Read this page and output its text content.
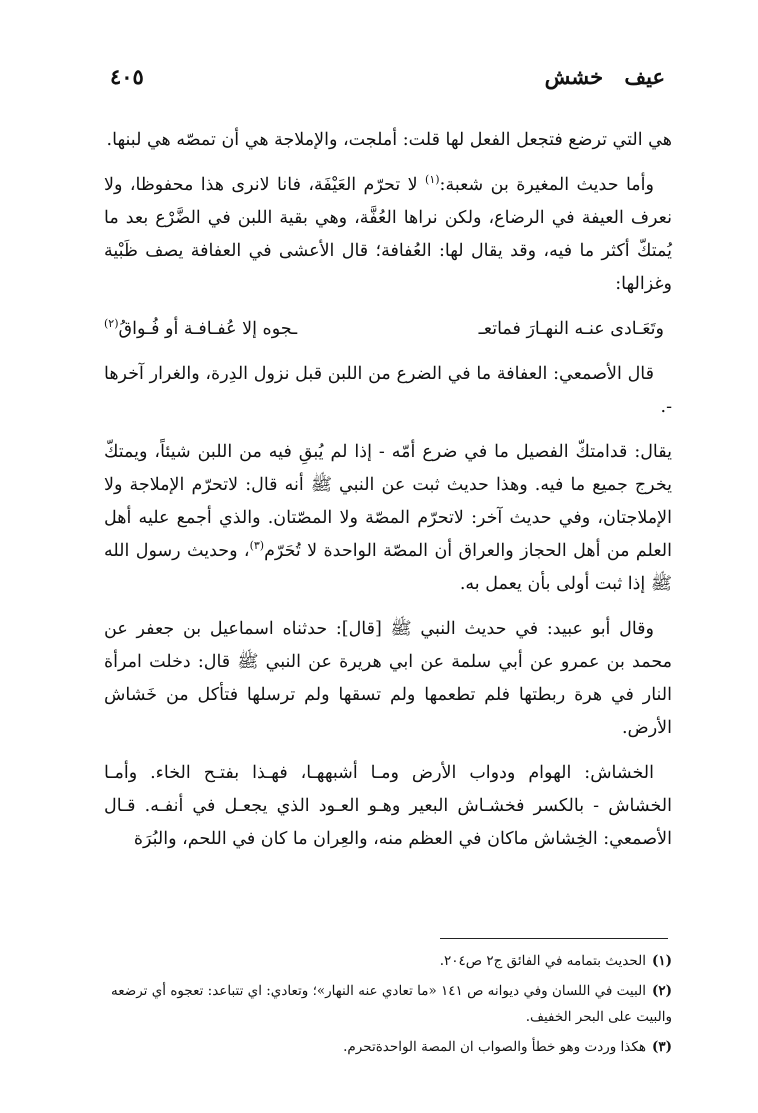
عيف خشش
٤٠٥

هي التي ترضع فتجعل الفعل لها قلت: أملجت، والإملاجة هي أن تمصّه هي لبنها.

وأما حديث المغيرة بن شعبة:$^{(١)}$ لا تحرّم العَيْفَة، فانا لانرى هذا محفوظا، ولا نعرف العيفة في الرضاع، ولكن نراها العُفَّة، وهي بقية اللبن في الضَّرْع بعد ما يُمتكّ أكثر ما فيه، وقد يقال لها: العُفافة؛ قال الأعشى في العفافة يصف ظَبْية وغزالها:

وتَعَـادى عنـه النهـارَ فماتعـ
ـجوه إلا عُفـافـة أو فُـواقُ$^{(٢)}$

قال الأصمعي: العفافة ما في الضرع من اللبن قبل نزول الدِرة، والغرار آخرها -.

يقال: قدامتكّ الفصيل ما في ضرع أمّه - إذا لم يُبقِ فيه من اللبن شيئاً، ويمتكّ يخرج جميع ما فيه. وهذا حديث ثبت عن النبي ﷺ أنه قال: لاتحرّم الإملاجة ولا الإملاجتان، وفي حديث آخر: لاتحرّم المصّة ولا المصّتان. والذي أجمع عليه أهل العلم من أهل الحجاز والعراق أن المصّة الواحدة لا تُحَرّم$^{(٣)}$، وحديث رسول الله ﷺ إذا ثبت أولى بأن يعمل به.

وقال أبو عبيد: في حديث النبي ﷺ [قال]: حدثناه اسماعيل بن جعفر عن محمد بن عمرو عن أبي سلمة عن ابي هريرة عن النبي ﷺ قال: دخلت امرأة النار في هرة ربطتها فلم تطعمها ولم تسقها ولم ترسلها فتأكل من خَشاش الأرض.

الخشاش: الهوام ودواب الأرض ومـا أشبههـا، فهـذا بفتـح الخاء. وأمـا الخشاش - بالكسر فخشـاش البعير وهـو العـود الذي يجعـل في أنفـه. قـال الأصمعي: الخِشاش ماكان في العظم منه، والعِران ما كان في اللحم، والبُرَة

(١)الحديث بتمامه في الفائق ج٢ ص٢٠٤.
(٢)البيت في اللسان وفي ديوانه ص ١٤١ «ما تعادي عنه النهار»؛ وتعادي: اي تتباعد: تعجوه أي ترضعه والبيت على البحر الخفيف.
(٣)هكذا وردت وهو خطأ والصواب ان المصة الواحدةتحرم.
